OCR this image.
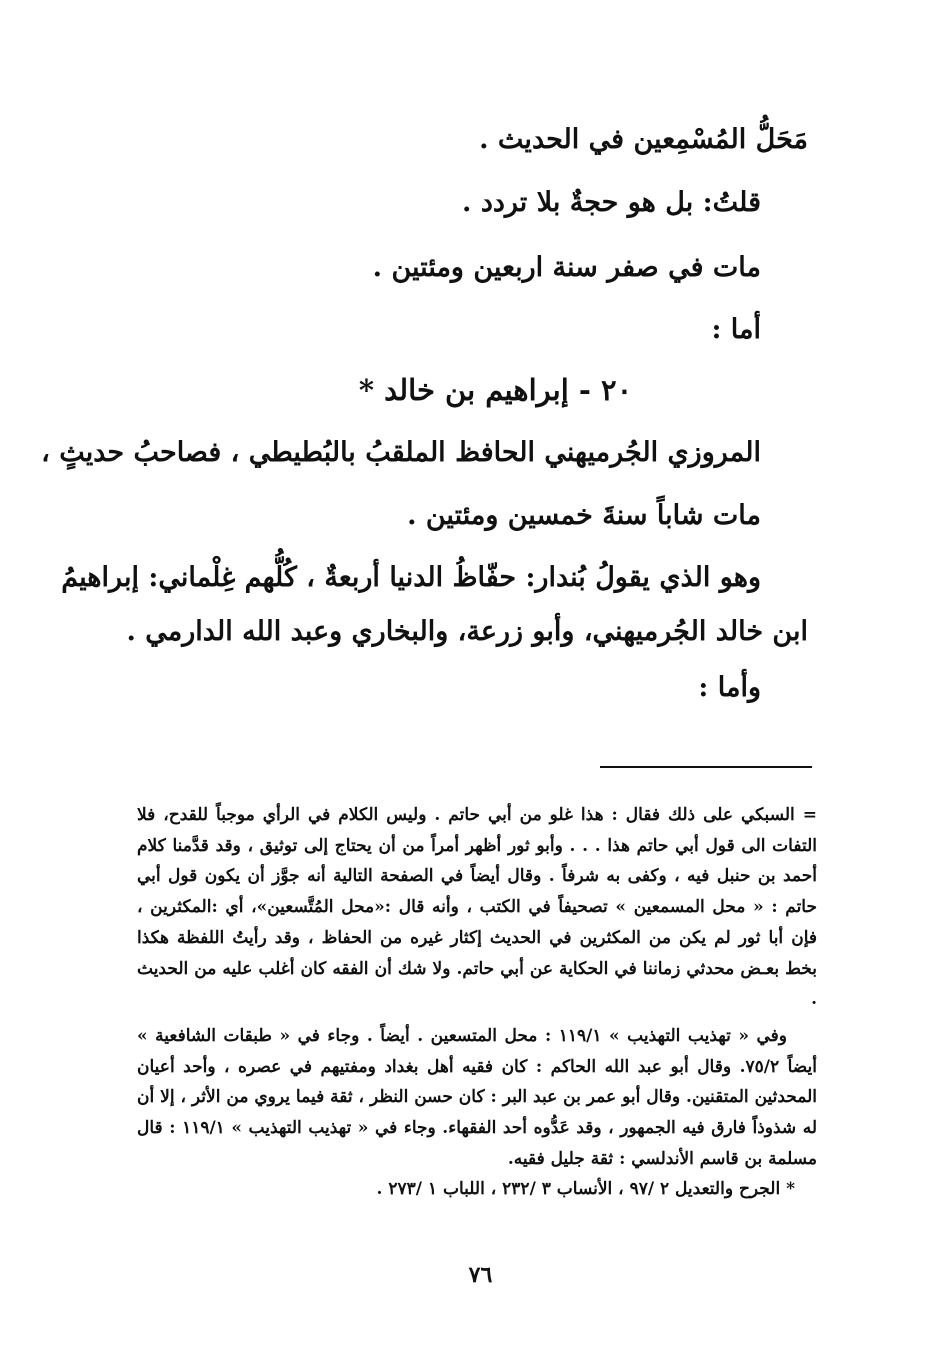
مَحَلُّ المُسْمِعين في الحديث .
قلتُ: بل هو حجةٌ بلا تردد .
مات في صفر سنة اربعين ومئتين .
أما :
٢٠ - إبراهيم بن خالد *
المروزي الجُرميهني الحافظ الملقبُ بالبُطيطي ، فصاحبُ حديثٍ ،
مات شاباً سنةَ خمسين ومئتين .
وهو الذي يقولُ بُندار: حفّاظُ الدنيا أربعةٌ ، كُلُّهم غِلْماني: إبراهيمُ
ابن خالد الجُرميهني، وأبو زرعة، والبخاري وعبد الله الدارمي .
وأما :

= السبكي على ذلك فقال : هذا غلو من أبي حاتم . وليس الكلام في الرأي موجباً للقدح، فلا التفات الى قول أبي حاتم هذا . . . وأبو ثور أظهر أمراً من أن يحتاج إلى توثيق ، وقد قدَّمنا كلام أحمد بن حنبل فيه ، وكفى به شرفاً . وقال أيضاً في الصفحة التالية أنه جوَّز أن يكون قول أبي حاتم : « محل المسمعين » تصحيفاً في الكتب ، وأنه قال :«محل المُتَّسعين»، أي :المكثرين ، فإن أبا ثور لم يكن من المكثرين في الحديث إكثار غيره من الحفاظ ، وقد رأيتُ اللفظة هكذا بخط بعـض محدثي زماننا في الحكاية عن أبي حاتم. ولا شك أن الفقه كان أغلب عليه من الحديث .

وفي « تهذيب التهذيب » ١١٩/١ : محل المتسعين . أيضاً . وجاء في « طبقات الشافعية » أيضاً ٧٥/٢. وقال أبو عبد الله الحاكم : كان فقيه أهل بغداد ومفتيهم في عصره ، وأحد أعيان المحدثين المتقنين. وقال أبو عمر بن عبد البر : كان حسن النظر ، ثقة فيما يروي من الأثر ، إلا أن له شذوذاً فارق فيه الجمهور ، وقد عَدُّوه أحد الفقهاء. وجاء في « تهذيب التهذيب » ١١٩/١ : قال مسلمة بن قاسم الأندلسي : ثقة جليل فقيه.

* الجرح والتعديل ٢ /٩٧ ، الأنساب ٣ /٢٣٢ ، اللباب ١ /٢٧٣ .

٧٦
